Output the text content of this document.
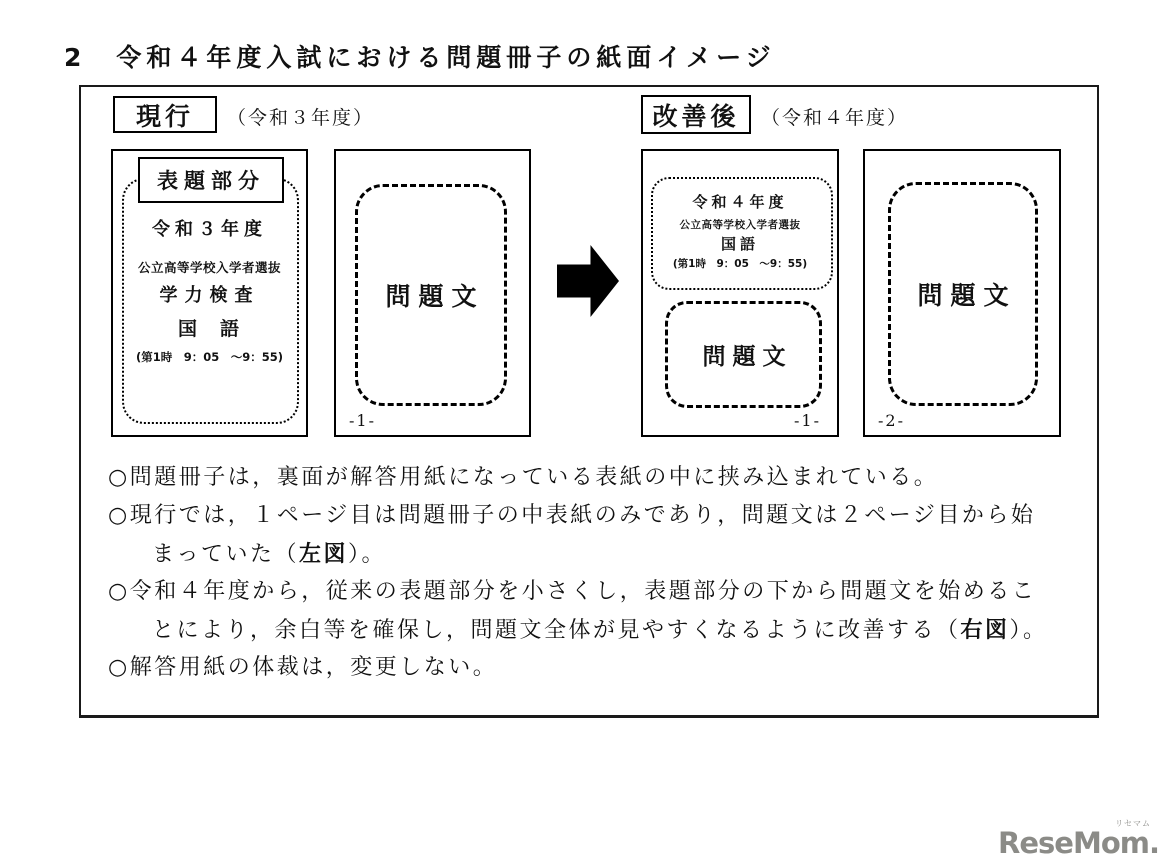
2　令和４年度入試における問題冊子の紙面イメージ
現行 （令和３年度）	改善後 （令和４年度）
表題部分
令和３年度
公立高等学校入学者選抜
学力検査
国　語
(第1時　9：05　～9：55)
問題文
-1-
令和４年度
公立高等学校入学者選抜
国語
(第1時　9：05　～9：55)
問題文
-1-
問題文
-2-
○問題冊子は，裏面が解答用紙になっている表紙の中に挟み込まれている。
○現行では，１ページ目は問題冊子の中表紙のみであり，問題文は２ページ目から始
まっていた（左図）。
○令和４年度から，従来の表題部分を小さくし，表題部分の下から問題文を始めるこ
とにより，余白等を確保し，問題文全体が見やすくなるように改善する（右図）。
○解答用紙の体裁は，変更しない。
リセマム
ReseMom.
